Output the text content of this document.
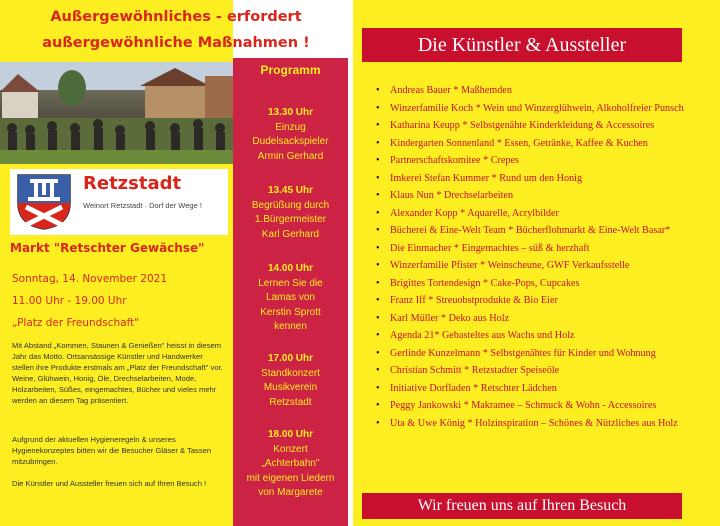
Außergewöhnliches - erfordert
außergewöhnliche Maßnahmen !
Retzstadt
Weinort Retzstadt · Dorf der Wege !
Markt "Retschter Gewächse"
Sonntag, 14. November 2021
11.00 Uhr - 19.00 Uhr
„Platz der Freundschaft"
Mit Abstand „Kommen, Staunen & Genießen" heisst in diesem Jahr das Motto. Ortsansässige Künstler und Handwerker stellen ihre Produkte erstmals am „Platz der Freundschaft" vor. Weine, Glühwein, Honig, Öle, Drechselarbeiten, Mode, Holzarbeiten, Süßes, eingemachtes, Bücher und vieles mehr werden an diesem Tag präsentiert.
Aufgrund der aktuellen Hygieneregeln & unseres Hygienekonzeptes bitten wir die Besucher Gläser & Tassen mitzubringen.
Die Künstler und Aussteller freuen sich auf Ihren Besuch !
Programm
13.30 Uhr
Einzug
Dudelsackspieler
Armin Gerhard
13.45 Uhr
Begrüßung durch
1.Bürgermeister
Karl Gerhard
14.00 Uhr
Lernen Sie die
Lamas von
Kerstin Sprott
kennen
17.00 Uhr
Standkonzert
Musikverein
Retzstadt
18.00 Uhr
Konzert
„Achterbahn"
mit eigenen Liedern
von Margarete
Die Künstler & Aussteller
• Andreas Bauer * Maßhemden
• Winzerfamilie Koch * Wein und Winzerglühwein, Alkoholfreier Punsch
• Katharina Keupp * Selbstgenähte Kinderkleidung & Accessoires
• Kindergarten Sonnenland * Essen, Getränke, Kaffee & Kuchen
• Partnerschaftskomitee * Crepes
• Imkerei Stefan Kummer * Rund um den Honig
• Klaus Nun * Drechselarbeiten
• Alexander Kopp * Aquarelle, Acrylbilder
• Bücherei & Eine-Welt Team * Bücherflohmarkt & Eine-Welt Basar*
• Die Einmacher * Eingemachtes – süß & herzhaft
• Winzerfamilie Pfister * Weinscheune, GWF Verkaufsstelle
• Brigittes Tortendesign * Cake-Pops, Cupcakes
• Franz Iff * Streuobstprodukte & Bio Eier
• Karl Müller * Deko aus Holz
• Agenda 21* Gebasteltes aus Wachs und Holz
• Gerlinde Kunzelmann * Selbstgenähtes für Kinder und Wohnung
• Christian Schmitt * Retzstadter Speiseöle
• Initiative Dorfladen * Retschter Lädchen
• Peggy Jankowski * Makramee – Schmuck & Wohn - Accessoires
• Uta & Uwe König * Holzinspiration – Schönes & Nützliches aus Holz
Wir freuen uns auf Ihren Besuch
